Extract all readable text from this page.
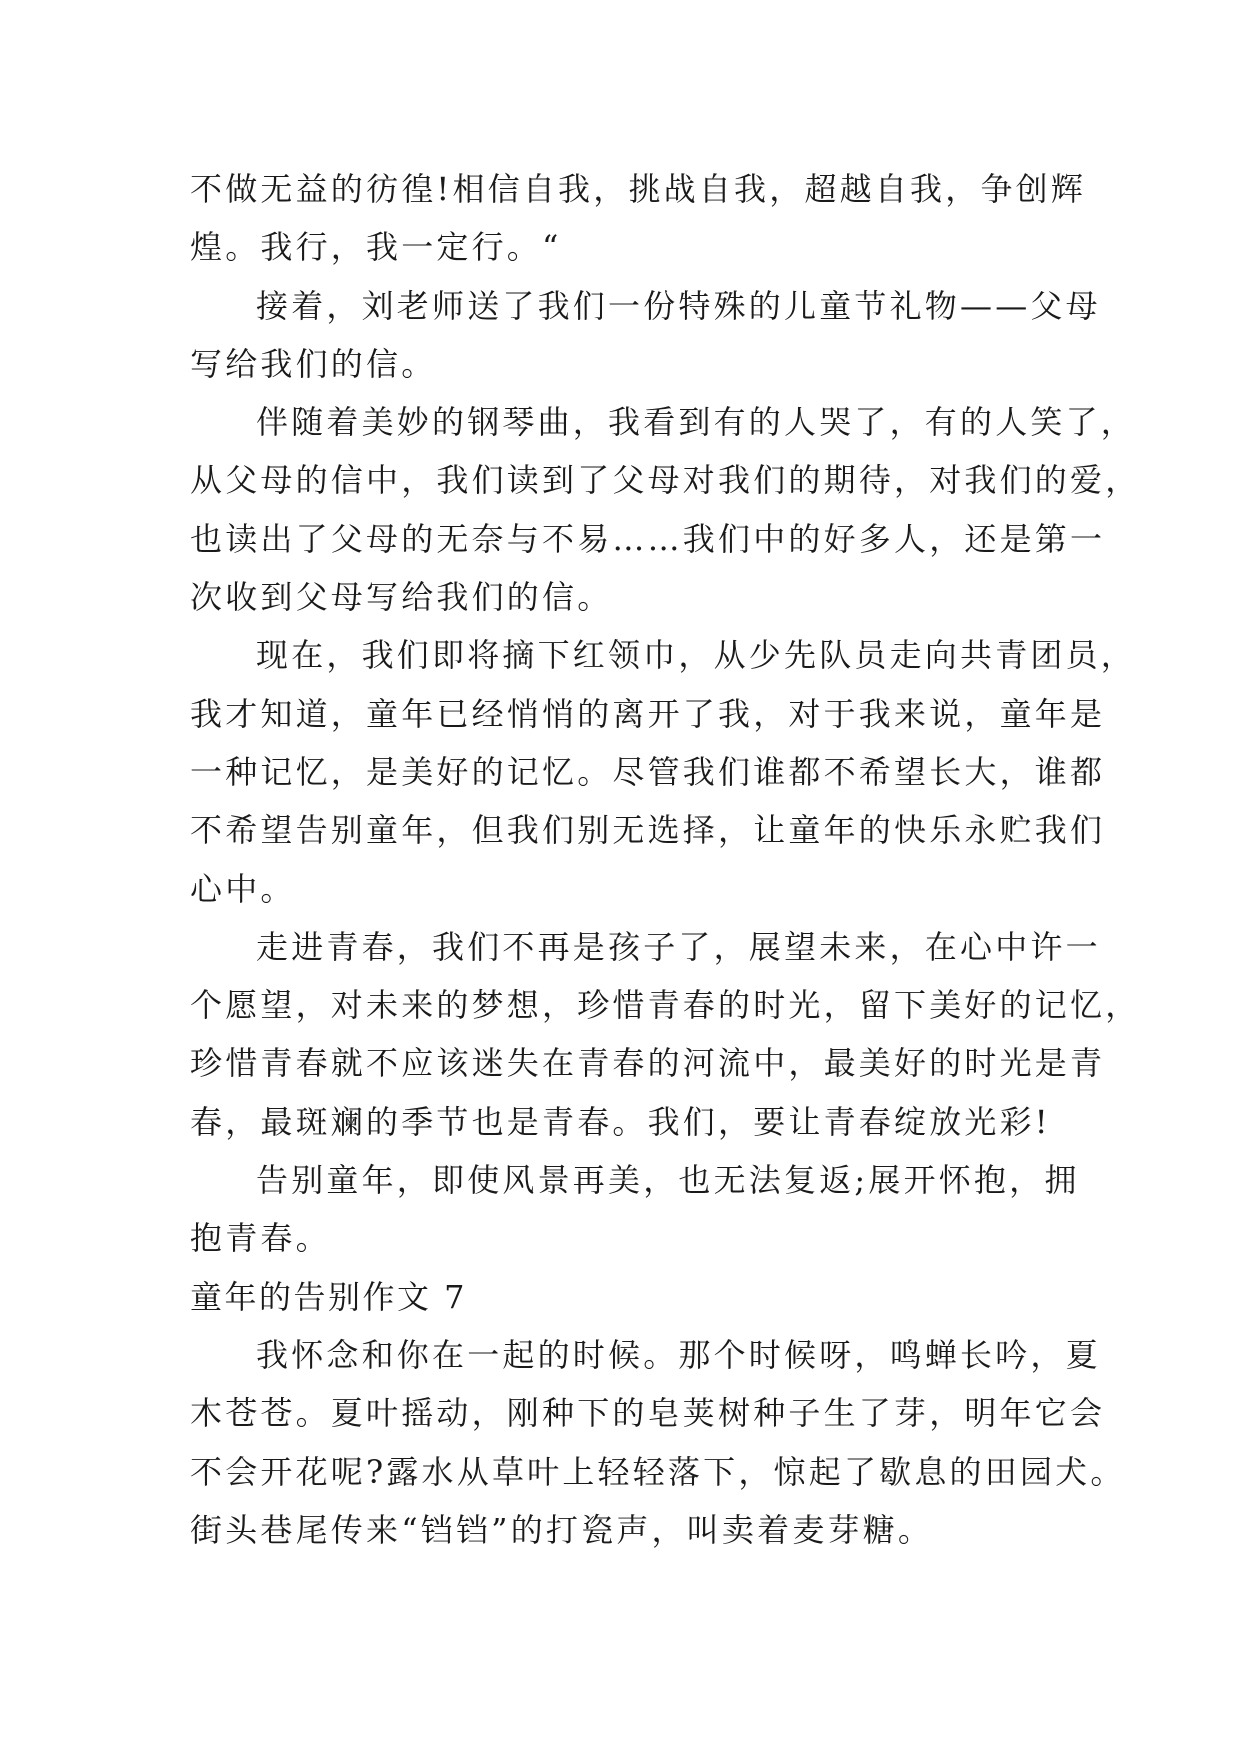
不做无益的彷徨!相信自我，挑战自我，超越自我，争创辉
煌。我行，我一定行。“
接着，刘老师送了我们一份特殊的儿童节礼物——父母
写给我们的信。
伴随着美妙的钢琴曲，我看到有的人哭了，有的人笑了，
从父母的信中，我们读到了父母对我们的期待，对我们的爱，
也读出了父母的无奈与不易……我们中的好多人，还是第一
次收到父母写给我们的信。
现在，我们即将摘下红领巾，从少先队员走向共青团员，
我才知道，童年已经悄悄的离开了我，对于我来说，童年是
一种记忆，是美好的记忆。尽管我们谁都不希望长大，谁都
不希望告别童年，但我们别无选择，让童年的快乐永贮我们
心中。
走进青春，我们不再是孩子了，展望未来，在心中许一
个愿望，对未来的梦想，珍惜青春的时光，留下美好的记忆，
珍惜青春就不应该迷失在青春的河流中，最美好的时光是青
春，最斑斓的季节也是青春。我们，要让青春绽放光彩!
告别童年，即使风景再美，也无法复返;展开怀抱，拥
抱青春。
童年的告别作文 7
我怀念和你在一起的时候。那个时候呀，鸣蝉长吟，夏
木苍苍。夏叶摇动，刚种下的皂荚树种子生了芽，明年它会
不会开花呢?露水从草叶上轻轻落下，惊起了歇息的田园犬。
街头巷尾传来“铛铛”的打瓷声，叫卖着麦芽糖。
